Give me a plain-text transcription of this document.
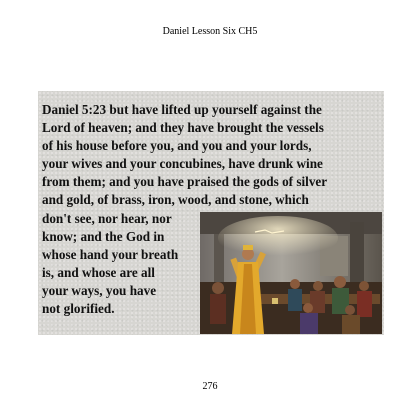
Daniel Lesson Six CH5
Daniel 5:23 but have lifted up yourself against the
Lord of heaven; and they have brought the vessels
of his house before you, and you and your lords,
your wives and your concubines, have drunk wine
from them; and you have praised the gods of silver
and gold, of brass, iron, wood, and stone, which
don't see, nor hear, nor
know; and the God in
whose hand your breath
is, and whose are all
your ways, you have
not glorified.
276
